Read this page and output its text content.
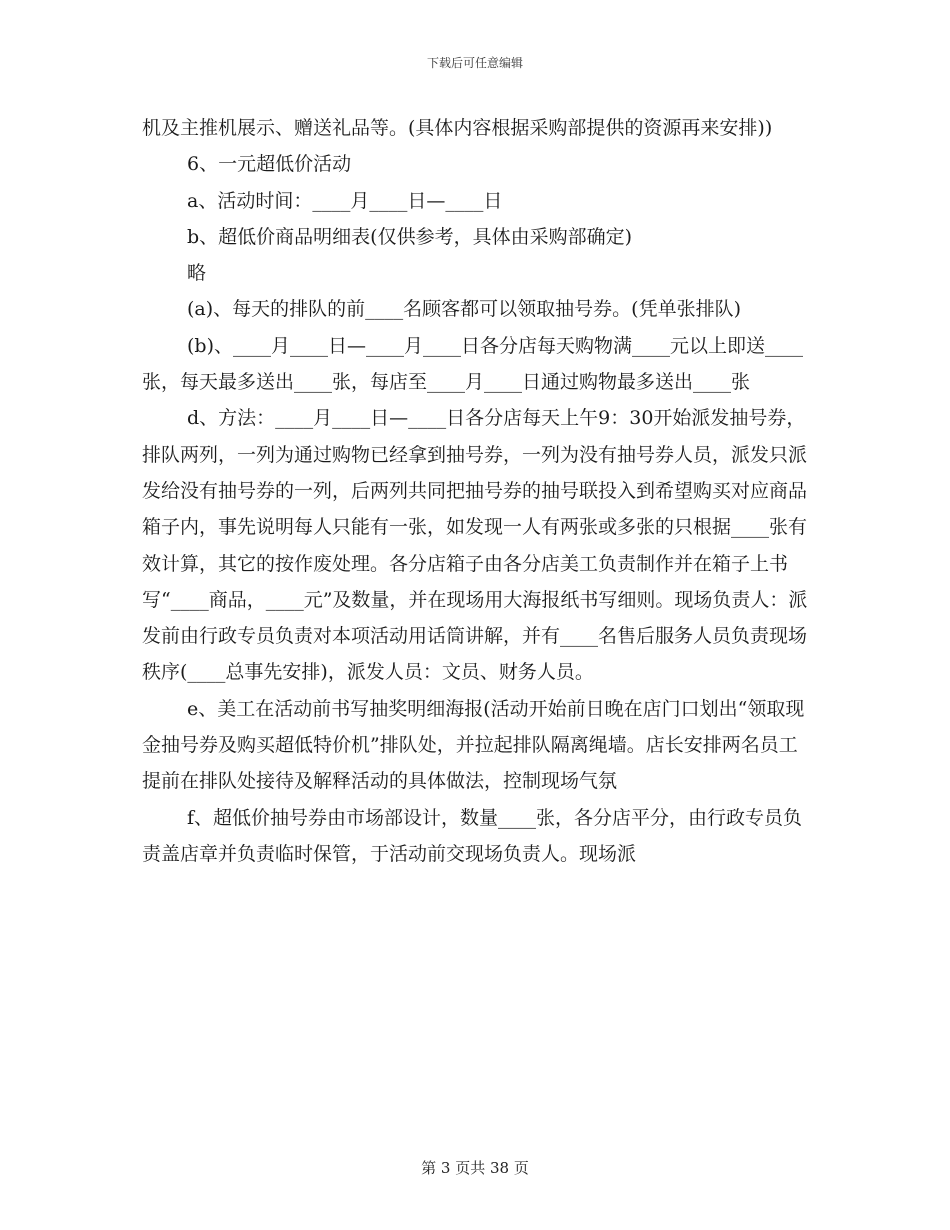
下载后可任意编辑

机及主推机展示、赠送礼品等。(具体内容根据采购部提供的资源再来安排))

6、一元超低价活动

a、活动时间：____月____日—____日

b、超低价商品明细表(仅供参考，具体由采购部确定)

略

(a)、每天的排队的前____名顾客都可以领取抽号券。(凭单张排队)

(b)、____月____日—____月____日各分店每天购物满____元以上即送____张，每天最多送出____张，每店至____月____日通过购物最多送出____张

d、方法：____月____日—____日各分店每天上午9：30开始派发抽号券，排队两列，一列为通过购物已经拿到抽号券，一列为没有抽号券人员，派发只派发给没有抽号券的一列，后两列共同把抽号券的抽号联投入到希望购买对应商品箱子内，事先说明每人只能有一张，如发现一人有两张或多张的只根据____张有效计算，其它的按作废处理。各分店箱子由各分店美工负责制作并在箱子上书写“____商品，____元”及数量，并在现场用大海报纸书写细则。现场负责人：派发前由行政专员负责对本项活动用话筒讲解，并有____名售后服务人员负责现场秩序(____总事先安排)，派发人员：文员、财务人员。

e、美工在活动前书写抽奖明细海报(活动开始前日晚在店门口划出“领取现金抽号券及购买超低特价机”排队处，并拉起排队隔离绳墙。店长安排两名员工提前在排队处接待及解释活动的具体做法，控制现场气氛

f、超低价抽号券由市场部设计，数量____张，各分店平分，由行政专员负责盖店章并负责临时保管，于活动前交现场负责人。现场派

第 3 页共 38 页
